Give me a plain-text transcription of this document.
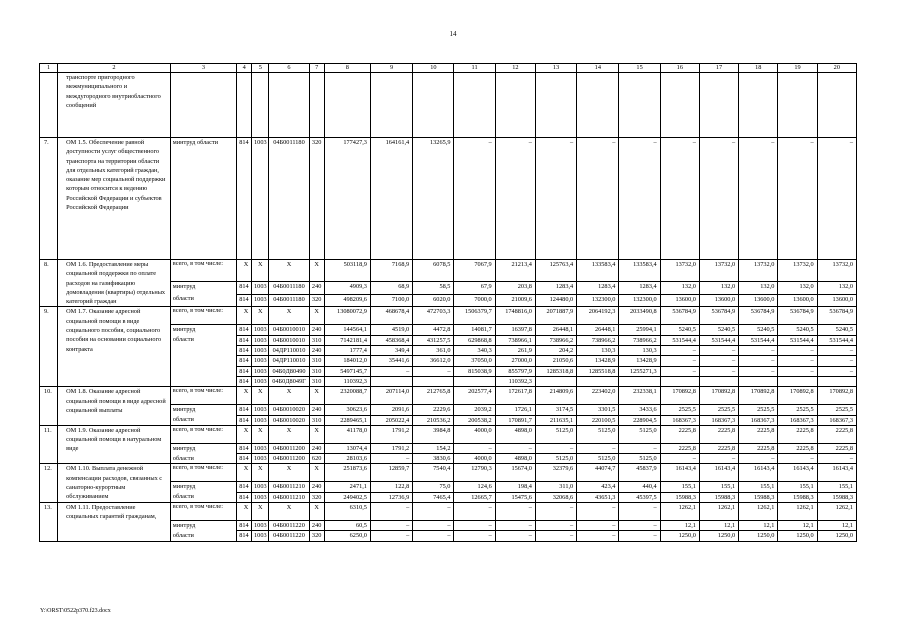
14
1	2	3	4	5	6	7	8	9	10	11	12	13	14	15	16	17	18	19	20
	транспорте пригородного межмуниципального и междугородного внутриобластного сообщений																		
7.	ОМ 1.5. Обеспечение равной доступности услуг общественного транспорта на территории области для отдельных категорий граждан, оказание мер социальной поддержки которым относится к ведению Российской Федерации и субъектов Российской Федерации	минтруд области	814	1003	04Б0011180	320	177427,3	164161,4	13265,9	–	–	–	–	–	–	–	–	–	–
8.	ОМ 1.6. Предоставление меры социальной поддержки по оплате расходов на газификацию домовладения (квартиры) отдельных категорий граждан	всего, в том числе:	X	X	X	X	503118,9	7168,9	6078,5	7067,9	21213,4	125763,4	133583,4	133583,4	13732,0	13732,0	13732,0	13732,0	13732,0
		минтруд	814	1003	04Б0011180	240	4909,3	68,9	58,5	67,9	203,8	1283,4	1283,4	1283,4	132,0	132,0	132,0	132,0	132,0
		области	814	1003	04Б0011180	320	498209,6	7100,0	6020,0	7000,0	21009,6	124480,0	132300,0	132300,0	13600,0	13600,0	13600,0	13600,0	13600,0
9.	ОМ 1.7. Оказание адресной социальной помощи в виде социального пособия, социального пособия на основании социального контракта	всего, в том числе:	X	X	X	X	13080072,9	468678,4	472703,3	1506379,7	1748816,0	2071887,9	2064192,3	2033490,8	536784,9	536784,9	536784,9	536784,9	536784,9
		минтруд	814	1003	04Б0010010	240	144564,1	4519,0	4472,8	14081,7	16397,8	26448,1	26448,1	25994,1	5240,5	5240,5	5240,5	5240,5	5240,5
		области	814	1003	04Б0010010	310	7142181,4	458368,4	431257,5	629868,8	738966,1	738966,2	738966,2	738966,2	531544,4	531544,4	531544,4	531544,4	531544,4
			814	1003	04ДР110010	240	1777,4	349,4	361,0	340,3	261,9	204,2	130,3	130,3	–	–	–	–	–
			814	1003	04ДР110010	310	184012,0	35441,6	36612,0	37050,0	27000,0	21050,6	13428,9	13428,9	–	–	–	–	–
			814	1003	04Б0Д80490	310	5497145,7	–	–	815038,9	855797,9	1285318,8	1285518,8	1255271,3	–	–	–	–	–
			814	1003	04Б0Д8049Г	310	110392,3				110392,3								
10.	ОМ 1.8. Оказание адресной социальной помощи в виде адресной социальной выплаты	всего, в том числе:	X	X	X	X	2320088,7	207114,0	212765,8	202577,4	172617,8	214809,6	223402,0	232338,1	170892,8	170892,8	170892,8	170892,8	170892,8
		минтруд	814	1003	04Б0010020	240	30623,6	2091,6	2229,6	2039,2	1726,1	3174,5	3301,5	3433,6	2525,5	2525,5	2525,5	2525,5	2525,5
		области	814	1003	04Б0010020	310	2289465,1	205022,4	210536,2	200538,2	170891,7	211635,1	220100,5	228904,5	168367,3	168367,3	168367,3	168367,3	168367,3
11.	ОМ 1.9. Оказание адресной социальной помощи в натуральном виде	всего, в том числе:	X	X	X	X	41178,0	1791,2	3984,8	4000,0	4898,0	5125,0	5125,0	5125,0	2225,8	2225,8	2225,8	2225,8	2225,8
		минтруд	814	1003	04Б0011200	240	13074,4	1791,2	154,2	–	–	–	–	–	2225,8	2225,8	2225,8	2225,8	2225,8
		области	814	1003	04Б0011200	620	28103,6	–	3830,6	4000,0	4898,0	5125,0	5125,0	5125,0	–	–	–	–	–
12.	ОМ 1.10. Выплата денежной компенсации расходов, связанных с санаторно-курортным обслуживанием	всего, в том числе:	X	X	X	X	251873,6	12859,7	7540,4	12790,3	15674,0	32379,6	44074,7	45837,9	16143,4	16143,4	16143,4	16143,4	16143,4
		минтруд	814	1003	04Б0011210	240	2471,1	122,8	75,0	124,6	198,4	311,0	423,4	440,4	155,1	155,1	155,1	155,1	155,1
		области	814	1003	04Б0011210	320	249402,5	12736,9	7465,4	12665,7	15475,6	32068,6	43651,3	45397,5	15988,3	15988,3	15988,3	15988,3	15988,3
13.	ОМ 1.11. Предоставление социальных гарантий гражданам,	всего, в том числе:	X	X	X	X	6310,5	–	–	–	–	–	–	–	1262,1	1262,1	1262,1	1262,1	1262,1
		минтруд	814	1003	04Б0011220	240	60,5	–	–	–	–	–	–	–	12,1	12,1	12,1	12,1	12,1
		области	814	1003	04Б0011220	320	6250,0	–	–	–	–	–	–	–	1250,0	1250,0	1250,0	1250,0	1250,0
Y:\ORST\0522p370.f23.docx
